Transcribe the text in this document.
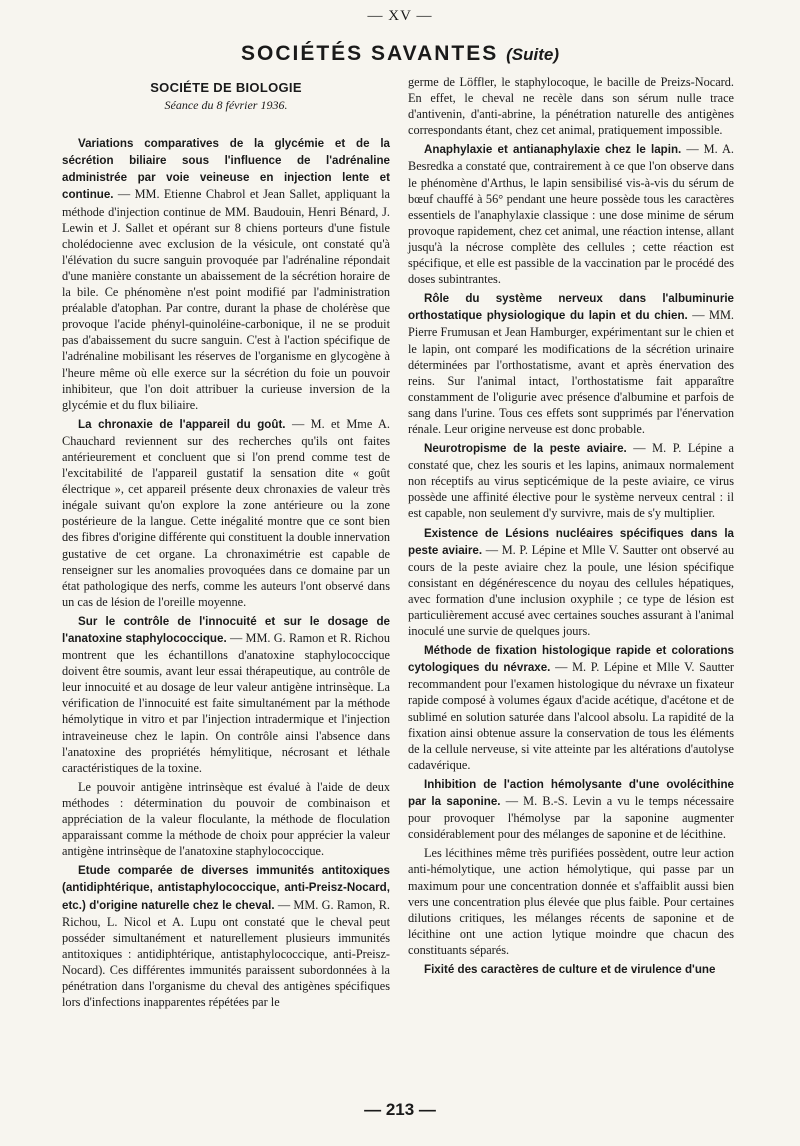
— XV —
SOCIÉTÉS SAVANTES (Suite)
SOCIÉTE DE BIOLOGIE
Séance du 8 février 1936.

Variations comparatives de la glycémie et de la sécrétion biliaire sous l'influence de l'adrénaline administrée par voie veineuse en injection lente et continue. — MM. Etienne Chabrol et Jean Sallet, appliquant la méthode d'injection continue de MM. Baudouin, Henri Bénard, J. Lewin et J. Sallet et opérant sur 8 chiens porteurs d'une fistule cholédocienne avec exclusion de la vésicule, ont constaté qu'à l'élévation du sucre sanguin provoquée par l'adrénaline répondait d'une manière constante un abaissement de la sécrétion horaire de la bile. Ce phénomène n'est point modifié par l'administration préalable d'atophan. Par contre, durant la phase de cholérèse que provoque l'acide phényl-quinoléine-carbonique, il ne se produit pas d'abaissement du sucre sanguin. C'est à l'action spécifique de l'adrénaline mobilisant les réserves de l'organisme en glycogène à l'heure même où elle exerce sur la sécrétion du foie un pouvoir inhibiteur, que l'on doit attribuer la curieuse inversion de la glycémie et du flux biliaire.

La chronaxie de l'appareil du goût. — M. et Mme A. Chauchard reviennent sur des recherches qu'ils ont faites antérieurement et concluent que si l'on prend comme test de l'excitabilité de l'appareil gustatif la sensation dite « goût électrique », cet appareil présente deux chronaxies de valeur très inégale suivant qu'on explore la zone antérieure ou la zone postérieure de la langue. Cette inégalité montre que ce sont bien des fibres d'origine différente qui constituent la double innervation gustative de cet organe. La chronaximétrie est capable de renseigner sur les anomalies provoquées dans ce domaine par un état pathologique des nerfs, comme les auteurs l'ont observé dans un cas de lésion de l'oreille moyenne.

Sur le contrôle de l'innocuité et sur le dosage de l'anatoxine staphylococcique. — MM. G. Ramon et R. Richou montrent que les échantillons d'anatoxine staphylococcique doivent être soumis, avant leur essai thérapeutique, au contrôle de leur innocuité et au dosage de leur valeur antigène intrinsèque. La vérification de l'innocuité est faite simultanément par la méthode hémolytique in vitro et par l'injection intradermique et l'injection intraveineuse chez le lapin. On contrôle ainsi l'absence dans l'anatoxine des propriétés hémylitique, nécrosant et léthale caractéristiques de la toxine.

Le pouvoir antigène intrinsèque est évalué à l'aide de deux méthodes : détermination du pouvoir de combinaison et appréciation de la valeur floculante, la méthode de floculation apparaissant comme la méthode de choix pour apprécier la valeur antigène intrinsèque de l'anatoxine staphylococcique.

Etude comparée de diverses immunités antitoxiques (antidiphtérique, antistaphylococcique, anti-Preisz-Nocard, etc.) d'origine naturelle chez le cheval. — MM. G. Ramon, R. Richou, L. Nicol et A. Lupu ont constaté que le cheval peut posséder simultanément et naturellement plusieurs immunités antitoxiques : antidiphtérique, antistaphylococcique, anti-Preisz-Nocard). Ces différentes immunités paraissent subordonnées à la pénétration dans l'organisme du cheval des antigènes spécifiques lors d'infections inapparentes répétées par le

germe de Löffler, le staphylocoque, le bacille de Preizs-Nocard. En effet, le cheval ne recèle dans son sérum nulle trace d'antivenin, d'anti-abrine, la pénétration naturelle des antigènes correspondants étant, chez cet animal, pratiquement impossible.

Anaphylaxie et antianaphylaxie chez le lapin. — M. A. Besredka a constaté que, contrairement à ce que l'on observe dans le phénomène d'Arthus, le lapin sensibilisé vis-à-vis du sérum de bœuf chauffé à 56° pendant une heure possède tous les caractères essentiels de l'anaphylaxie classique : une dose minime de sérum provoque rapidement, chez cet animal, une réaction intense, allant jusqu'à la nécrose complète des cellules ; cette réaction est spécifique, et elle est passible de la vaccination par le procédé des doses subintrantes.

Rôle du système nerveux dans l'albuminurie orthostatique physiologique du lapin et du chien. — MM. Pierre Frumusan et Jean Hamburger, expérimentant sur le chien et le lapin, ont comparé les modifications de la sécrétion urinaire déterminées par l'orthostatisme, avant et après énervation des reins. Sur l'animal intact, l'orthostatisme fait apparaître constamment de l'oligurie avec présence d'albumine et parfois de sang dans l'urine. Tous ces effets sont supprimés par l'énervation rénale. Leur origine nerveuse est donc probable.

Neurotropisme de la peste aviaire. — M. P. Lépine a constaté que, chez les souris et les lapins, animaux normalement non réceptifs au virus septicémique de la peste aviaire, ce virus possède une affinité élective pour le système nerveux central : il est capable, non seulement d'y survivre, mais de s'y multiplier.

Existence de Lésions nucléaires spécifiques dans la peste aviaire. — M. P. Lépine et Mlle V. Sautter ont observé au cours de la peste aviaire chez la poule, une lésion spécifique consistant en dégénérescence du noyau des cellules hépatiques, avec formation d'une inclusion oxyphile ; ce type de lésion est particulièrement accusé avec certaines souches assurant à l'animal inoculé une survie de quelques jours.

Méthode de fixation histologique rapide et colorations cytologiques du névraxe. — M. P. Lépine et Mlle V. Sautter recommandent pour l'examen histologique du névraxe un fixateur rapide composé à volumes égaux d'acide acétique, d'acétone et de sublimé en solution saturée dans l'alcool absolu. La rapidité de la fixation ainsi obtenue assure la conservation de tous les éléments de la cellule nerveuse, si vite atteinte par les altérations d'autolyse cadavérique.

Inhibition de l'action hémolysante d'une ovolécithine par la saponine. — M. B.-S. Levin a vu le temps nécessaire pour provoquer l'hémolyse par la saponine augmenter considérablement pour des mélanges de saponine et de lécithine.

Les lécithines même très purifiées possèdent, outre leur action anti-hémolytique, une action hémolytique, qui passe par un maximum pour une concentration donnée et s'affaiblit aussi bien vers une concentration plus élevée que plus faible. Pour certaines dilutions critiques, les mélanges récents de saponine et de lécithine ont une action lytique moindre que chacun des constituants séparés.

Fixité des caractères de culture et de virulence d'une

— 213 —
